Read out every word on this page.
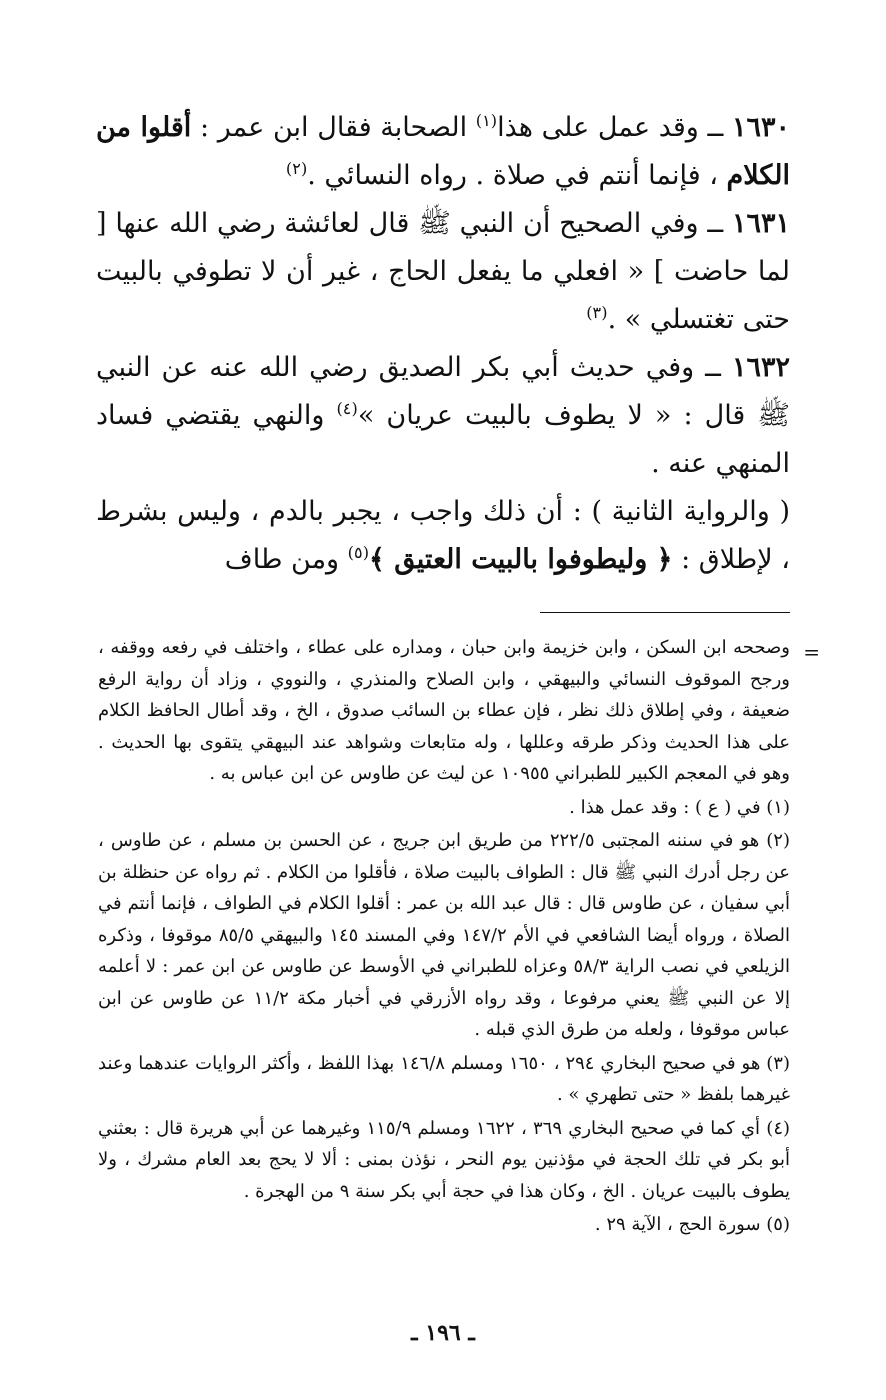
١٦٣٠ ــ وقد عمل على هذا$^{(١)}$ الصحابة فقال ابن عمر : أقلوا من الكلام ، فإنما أنتم في صلاة . رواه النسائي .$^{(٢)}$

١٦٣١ ــ وفي الصحيح أن النبي ﷺ قال لعائشة رضي الله عنها [ لما حاضت ] « افعلي ما يفعل الحاج ، غير أن لا تطوفي بالبيت حتى تغتسلي » .$^{(٣)}$

١٦٣٢ ــ وفي حديث أبي بكر الصديق رضي الله عنه عن النبي ﷺ قال : « لا يطوف بالبيت عريان »$^{(٤)}$ والنهي يقتضي فساد المنهي عنه .

( والرواية الثانية ) : أن ذلك واجب ، يجبر بالدم ، وليس بشرط ، لإطلاق : ﴿ وليطوفوا بالبيت العتيق ﴾$^{(٥)}$ ومن طاف

=

وصححه ابن السكن ، وابن خزيمة وابن حبان ، ومداره على عطاء ، واختلف في رفعه ووقفه ، ورجح الموقوف النسائي والبيهقي ، وابن الصلاح والمنذري ، والنووي ، وزاد أن رواية الرفع ضعيفة ، وفي إطلاق ذلك نظر ، فإن عطاء بن السائب صدوق ، الخ ، وقد أطال الحافظ الكلام على هذا الحديث وذكر طرقه وعللها ، وله متابعات وشواهد عند البيهقي يتقوى بها الحديث . وهو في المعجم الكبير للطبراني ١٠٩٥٥ عن ليث عن طاوس عن ابن عباس به .

(١) في ( ع ) : وقد عمل هذا .

(٢) هو في سننه المجتبى ٢٢٢/٥ من طريق ابن جريج ، عن الحسن بن مسلم ، عن طاوس ، عن رجل أدرك النبي ﷺ قال : الطواف بالبيت صلاة ، فأقلوا من الكلام . ثم رواه عن حنظلة بن أبي سفيان ، عن طاوس قال : قال عبد الله بن عمر : أقلوا الكلام في الطواف ، فإنما أنتم في الصلاة ، ورواه أيضا الشافعي في الأم ١٤٧/٢ وفي المسند ١٤٥ والبيهقي ٨٥/٥ موقوفا ، وذكره الزيلعي في نصب الراية ٥٨/٣ وعزاه للطبراني في الأوسط عن طاوس عن ابن عمر : لا أعلمه إلا عن النبي ﷺ يعني مرفوعا ، وقد رواه الأزرقي في أخبار مكة ١١/٢ عن طاوس عن ابن عباس موقوفا ، ولعله من طرق الذي قبله .

(٣) هو في صحيح البخاري ٢٩٤ ، ١٦٥٠ ومسلم ١٤٦/٨ بهذا اللفظ ، وأكثر الروايات عندهما وعند غيرهما بلفظ « حتى تطهري » .

(٤) أي كما في صحيح البخاري ٣٦٩ ، ١٦٢٢ ومسلم ١١٥/٩ وغيرهما عن أبي هريرة قال : بعثني أبو بكر في تلك الحجة في مؤذنين يوم النحر ، نؤذن بمنى : ألا لا يحج بعد العام مشرك ، ولا يطوف بالبيت عريان . الخ ، وكان هذا في حجة أبي بكر سنة ٩ من الهجرة .

(٥) سورة الحج ، الآية ٢٩ .

ـ ١٩٦ ـ
